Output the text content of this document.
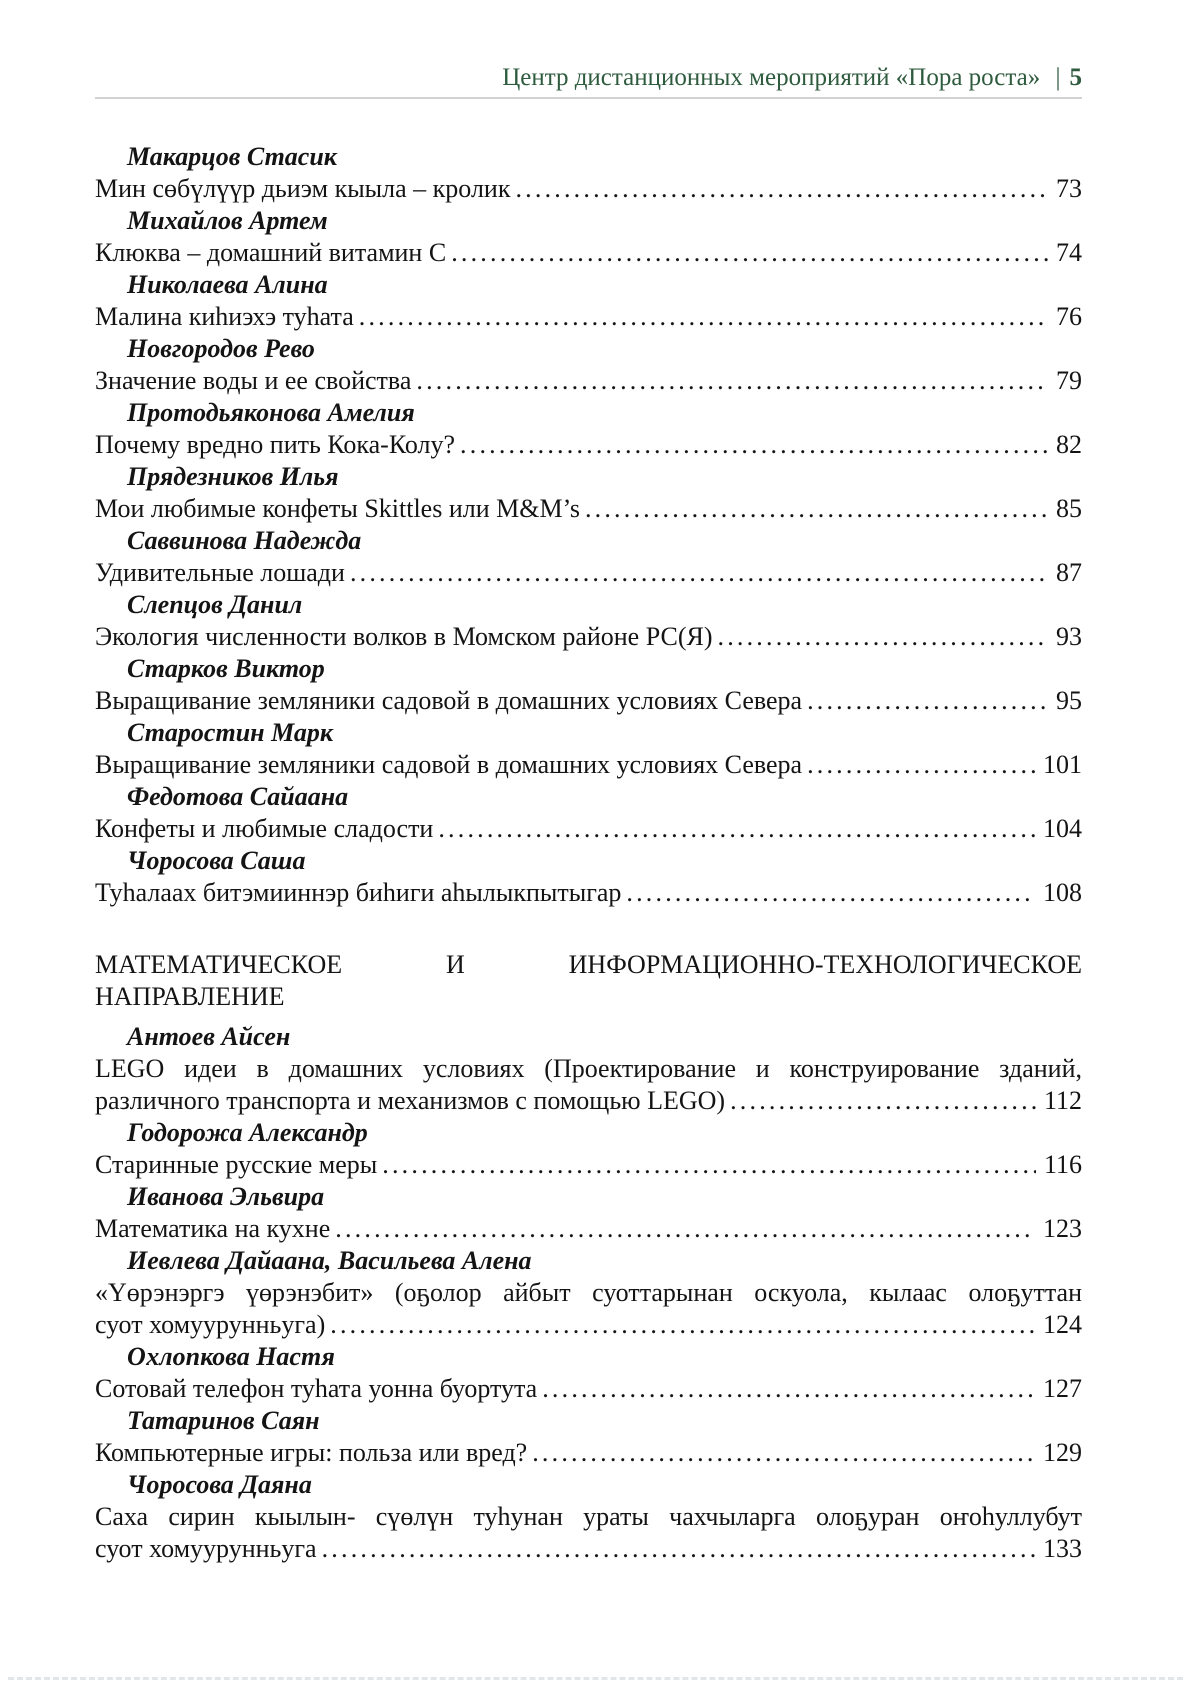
Центр дистанционных мероприятий «Пора роста» | 5
Макарцов Стасик
Мин сөбүлүүр дьиэм кыыла – кролик .....	73
Михайлов Артем
Клюква – домашний витамин С .....	74
Николаева Алина
Малина киһиэхэ туһата .....	76
Новгородов Рево
Значение воды и ее свойства .....	79
Протодьяконова Амелия
Почему вредно пить Кока-Колу? .....	82
Прядезников Илья
Мои любимые конфеты Skittles или M&M’s .....	85
Саввинова Надежда
Удивительные лошади .....	87
Слепцов Данил
Экология численности волков в Момском районе РС(Я) .....	93
Старков Виктор
Выращивание земляники садовой в домашних условиях Севера .....	95
Старостин Марк
Выращивание земляники садовой в домашних условиях Севера .....	101
Федотова Сайаана
Конфеты и любимые сладости .....	104
Чоросова Саша
Туһалаах битэмииннэр биһиги аһылыкпытыгар .....	108
МАТЕМАТИЧЕСКОЕ И ИНФОРМАЦИОННО-ТЕХНОЛОГИЧЕСКОЕ
НАПРАВЛЕНИЕ
Антоев Айсен
LEGO идеи в домашних условиях (Проектирование и конструирование зданий,
различного транспорта и механизмов с помощью LEGO) .....	112
Годорожа Александр
Старинные русские меры .....	116
Иванова Эльвира
Математика на кухне .....	123
Иевлева Дайаана, Васильева Алена
«Үөрэнэргэ үөрэнэбит» (оҕолор айбыт суоттарынан оскуола, кылаас олоҕуттан
суот хомуурунньуга) .....	124
Охлопкова Настя
Сотовай телефон туһата уонна буортута .....	127
Татаринов Саян
Компьютерные игры: польза или вред? .....	129
Чоросова Даяна
Саха сирин кыылын- сүөлүн туһунан ураты чахчыларга олоҕуран оҥоһуллубут
суот хомуурунньуга .....	133
